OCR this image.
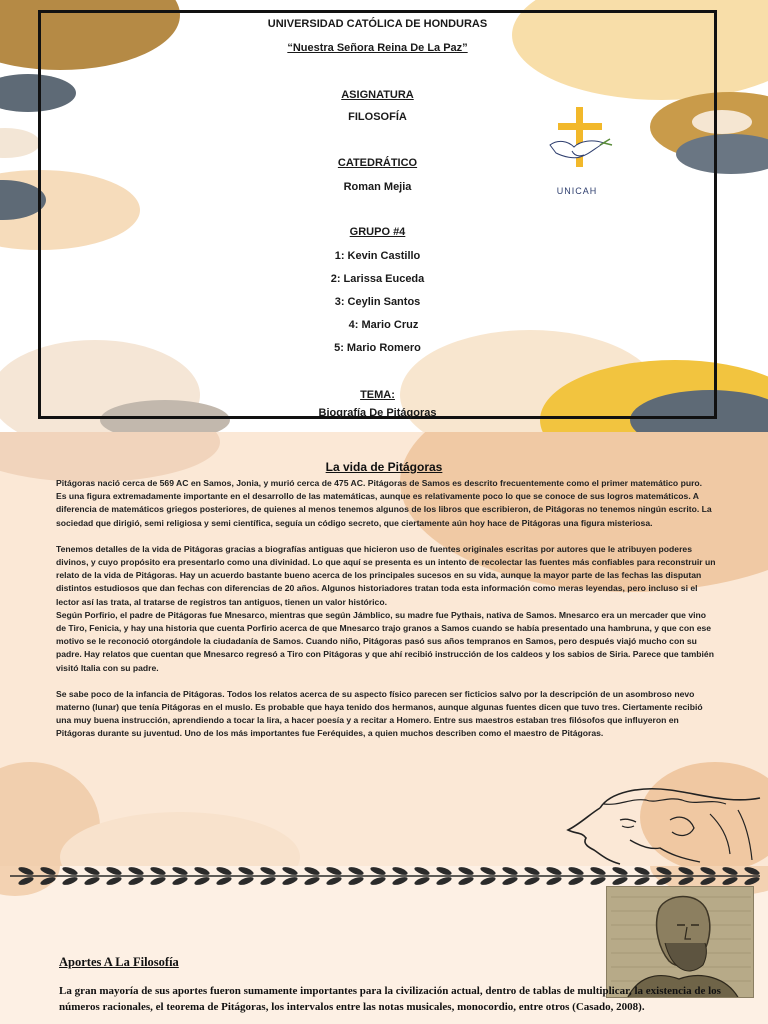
UNIVERSIDAD CATÓLICA DE HONDURAS
“Nuestra Señora Reina De La Paz”
ASIGNATURA
FILOSOFÍA
CATEDRÁTICO
Roman Mejia
GRUPO #4
1: Kevin Castillo
2: Larissa Euceda
3: Ceylin Santos
4: Mario Cruz
5: Mario Romero
TEMA:
Biografía De Pitágoras
UNICAH
La vida de Pitágoras

Pitágoras nació cerca de 569 AC en Samos, Jonia, y murió cerca de 475 AC. Pitágoras de Samos es descrito frecuentemente como el primer matemático puro.

Es una figura extremadamente importante en el desarrollo de las matemáticas, aunque es relativamente poco lo que se conoce de sus logros matemáticos. A diferencia de matemáticos griegos posteriores, de quienes al menos tenemos algunos de los libros que escribieron, de Pitágoras no tenemos ningún escrito. La sociedad que dirigió, semi religiosa y semi científica, seguía un código secreto, que ciertamente aún hoy hace de Pitágoras una figura misteriosa.

Tenemos detalles de la vida de Pitágoras gracias a biografías antiguas que hicieron uso de fuentes originales escritas por autores que le atribuyen poderes divinos, y cuyo propósito era presentarlo como una divinidad. Lo que aquí se presenta es un intento de recolectar las fuentes más confiables para reconstruir un relato de la vida de Pitágoras. Hay un acuerdo bastante bueno acerca de los principales sucesos en su vida, aunque la mayor parte de las fechas las disputan distintos estudiosos que dan fechas con diferencias de 20 años. Algunos historiadores tratan toda esta información como meras leyendas, pero incluso si el lector así las trata, al tratarse de registros tan antiguos, tienen un valor histórico.

Según Porfirio, el padre de Pitágoras fue Mnesarco, mientras que según Jámblico, su madre fue Pythais, nativa de Samos. Mnesarco era un mercader que vino de Tiro, Fenicia, y hay una historia que cuenta Porfirio acerca de que Mnesarco trajo granos a Samos cuando se había presentado una hambruna, y que con ese motivo se le reconoció otorgándole la ciudadanía de Samos. Cuando niño, Pitágoras pasó sus años tempranos en Samos, pero después viajó mucho con su padre. Hay relatos que cuentan que Mnesarco regresó a Tiro con Pitágoras y que ahí recibió instrucción de los caldeos y los sabios de Siria. Parece que también visitó Italia con su padre.

Se sabe poco de la infancia de Pitágoras. Todos los relatos acerca de su aspecto físico parecen ser ficticios salvo por la descripción de un asombroso nevo materno (lunar) que tenía Pitágoras en el muslo. Es probable que haya tenido dos hermanos, aunque algunas fuentes dicen que tuvo tres. Ciertamente recibió una muy buena instrucción, aprendiendo a tocar la lira, a hacer poesía y a recitar a Homero. Entre sus maestros estaban tres filósofos que influyeron en Pitágoras durante su juventud. Uno de los más importantes fue Feréquides, a quien muchos describen como el maestro de Pitágoras.

Aportes A La Filosofía
La gran mayoría de sus aportes fueron sumamente importantes para la civilización actual, dentro de tablas de multiplicar, la existencia de los números racionales, el teorema de Pitágoras, los intervalos entre las notas musicales, monocordio, entre otros (Casado, 2008).
